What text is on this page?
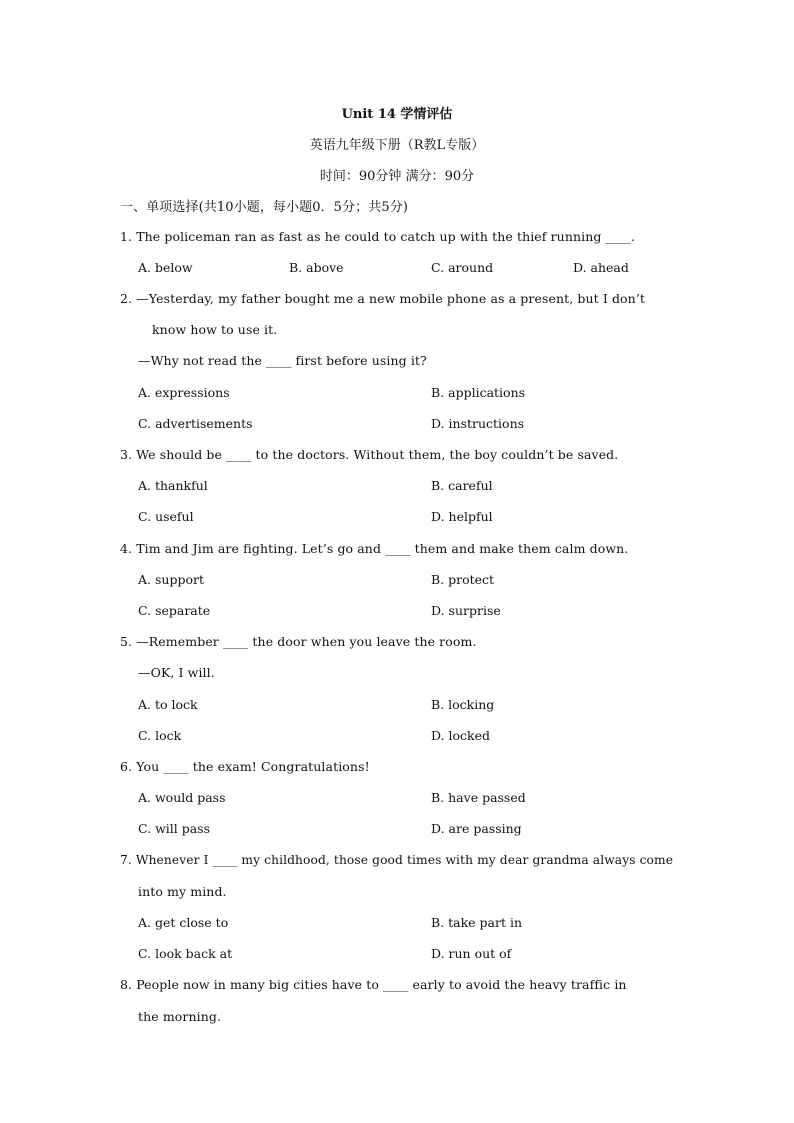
Unit 14 学情评估
英语九年级下册（R教L专版）
时间：90分钟 满分：90分
一、单项选择(共10小题，每小题0．5分；共5分)
1. The policeman ran as fast as he could to catch up with the thief running ____.
A. below	B. above	C. around	D. ahead
2. —Yesterday, my father bought me a new mobile phone as a present, but I don’t
know how to use it.
—Why not read the ____ first before using it?
A. expressions	B. applications
C. advertisements	D. instructions
3. We should be ____ to the doctors. Without them, the boy couldn’t be saved.
A. thankful	B. careful
C. useful	D. helpful
4. Tim and Jim are fighting. Let’s go and ____ them and make them calm down.
A. support	B. protect
C. separate	D. surprise
5. —Remember ____ the door when you leave the room.
—OK, I will.
A. to lock	B. locking
C. lock	D. locked
6. You ____ the exam! Congratulations!
A. would pass	B. have passed
C. will pass	D. are passing
7. Whenever I ____ my childhood, those good times with my dear grandma always come
into my mind.
A. get close to	B. take part in
C. look back at	D. run out of
8. People now in many big cities have to ____ early to avoid the heavy traffic in
the morning.
